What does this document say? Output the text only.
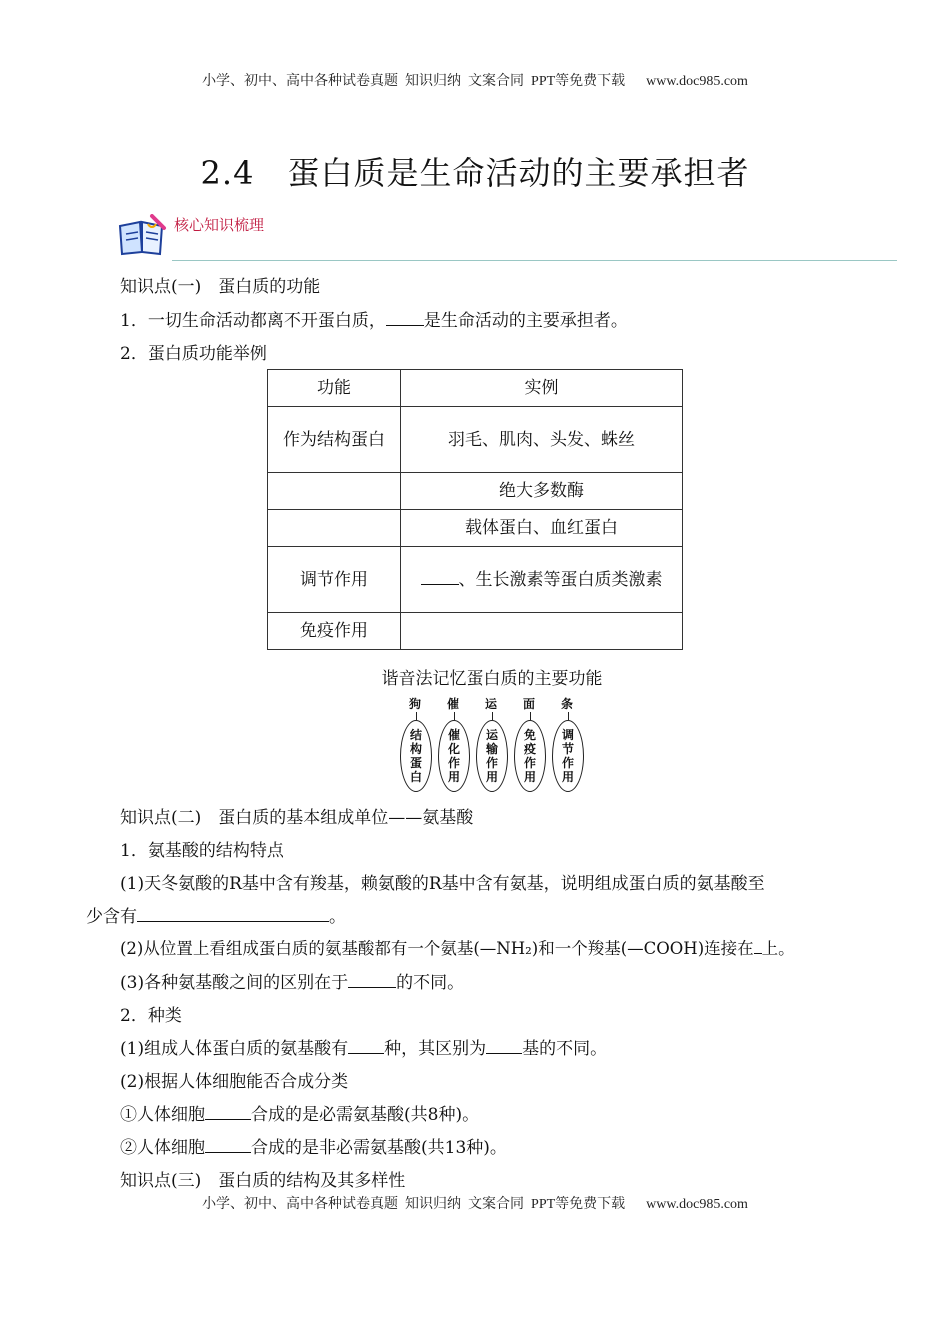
小学、初中、高中各种试卷真题  知识归纳  文案合同  PPT等免费下载      www.doc985.com
2.4　蛋白质是生命活动的主要承担者
核心知识梳理
知识点(一)　蛋白质的功能
1．一切生命活动都离不开蛋白质， 是生命活动的主要承担者。
2．蛋白质功能举例
功能	实例
作为结构蛋白	羽毛、肌肉、头发、蛛丝
	绝大多数酶
	载体蛋白、血红蛋白
调节作用	、生长激素等蛋白质类激素
免疫作用	
谐音法记忆蛋白质的主要功能
狗	催	运	面	条
结构蛋白
催化作用
运输作用
免疫作用
调节作用
知识点(二)　蛋白质的基本组成单位——氨基酸
1．氨基酸的结构特点
(1)天冬氨酸的R基中含有羧基，赖氨酸的R基中含有氨基，说明组成蛋白质的氨基酸至
少含有	。
(2)从位置上看组成蛋白质的氨基酸都有一个氨基(—NH₂)和一个羧基(—COOH)连接在 上。
(3)各种氨基酸之间的区别在于	的不同。
2．种类
(1)组成人体蛋白质的氨基酸有 种，其区别为 基的不同。
(2)根据人体细胞能否合成分类
①人体细胞	合成的是必需氨基酸(共8种)。
②人体细胞	合成的是非必需氨基酸(共13种)。
知识点(三)　蛋白质的结构及其多样性
小学、初中、高中各种试卷真题  知识归纳  文案合同  PPT等免费下载      www.doc985.com
